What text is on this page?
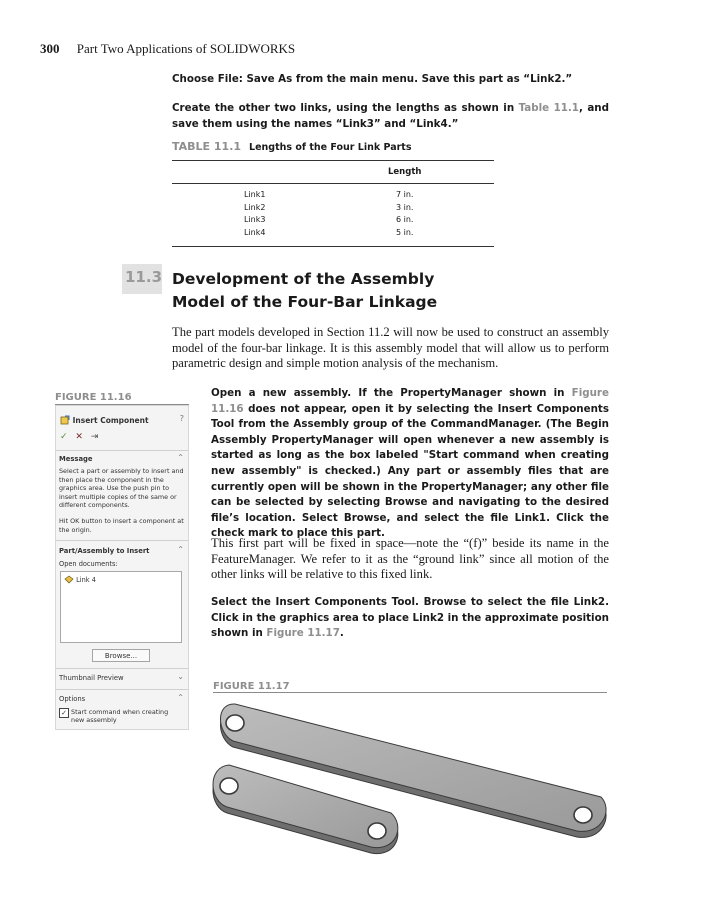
300 Part Two Applications of SOLIDWORKS

Choose File: Save As from the main menu. Save this part as “Link2.”

Create the other two links, using the lengths as shown in Table 11.1, and save them using the names “Link3” and “Link4.”

TABLE 11.1 Lengths of the Four Link Parts
Length
Link1	7 in.
Link2	3 in.
Link3	6 in.
Link4	5 in.
11.3 Development of the Assembly
Model of the Four-Bar Linkage

The part models developed in Section 11.2 will now be used to construct an assembly model of the four-bar linkage. It is this assembly model that will allow us to perform parametric design and simple motion analysis of the mechanism.

FIGURE 11.16
Insert Component	?
✓ ✕ ⇥
Message	⌃
Select a part or assembly to insert and then place the component in the graphics area. Use the push pin to insert multiple copies of the same or different components.
Hit OK button to insert a component at the origin.
Part/Assembly to Insert	⌃
Open documents:
Link 4
Browse...
Thumbnail Preview	⌄
Options	⌃
✓ Start command when creating new assembly

Open a new assembly. If the PropertyManager shown in Figure 11.16 does not appear, open it by selecting the Insert Components Tool from the Assembly group of the CommandManager. (The Begin Assembly PropertyManager will open whenever a new assembly is started as long as the box labeled "Start command when creating new assembly" is checked.) Any part or assembly files that are currently open will be shown in the PropertyManager; any other file can be selected by selecting Browse and navigating to the desired file’s location. Select Browse, and select the file Link1. Click the check mark to place this part.

This first part will be fixed in space—note the “(f)” beside its name in the FeatureManager. We refer to it as the “ground link” since all motion of the other links will be relative to this fixed link.

Select the Insert Components Tool. Browse to select the file Link2. Click in the graphics area to place Link2 in the approximate position shown in Figure 11.17.

FIGURE 11.17
